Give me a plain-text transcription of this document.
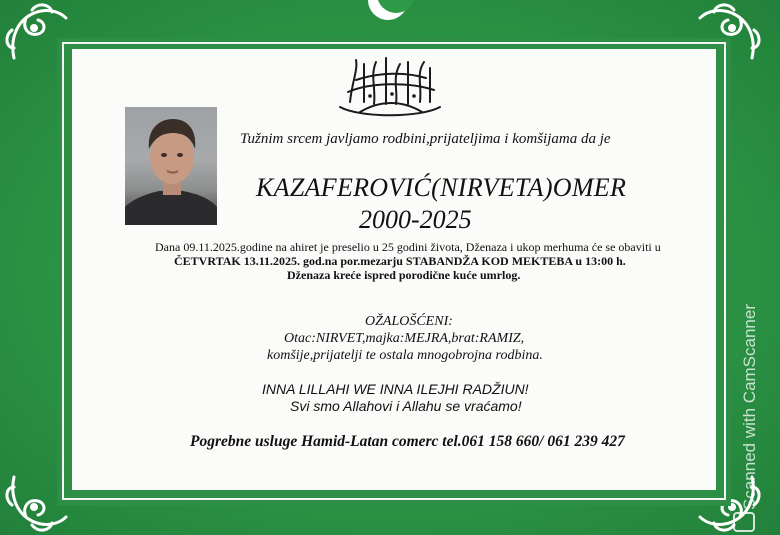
Tužnim srcem javljamo rodbini,prijateljima i komšijama da je
KAZAFEROVIĆ(NIRVETA)OMER
2000-2025
Dana 09.11.2025.godine na ahiret je preselio u 25 godini života, Dženaza i ukop merhuma će se obaviti u
ČETVRTAK 13.11.2025. god.na por.mezarju STABANDŽA KOD MEKTEBA u 13:00 h.
Dženaza kreće ispred porodične kuće umrlog.
OŽALOŠĆENI:
Otac:NIRVET,majka:MEJRA,brat:RAMIZ,
komšije,prijatelji te ostala mnogobrojna rodbina.
INNA LILLAHI WE INNA ILEJHI RADŽIUN!
Svi smo Allahovi i Allahu se vraćamo!
Pogrebne usluge Hamid-Latan comerc tel.061 158 660/ 061 239 427	Scanned with CamScanner
